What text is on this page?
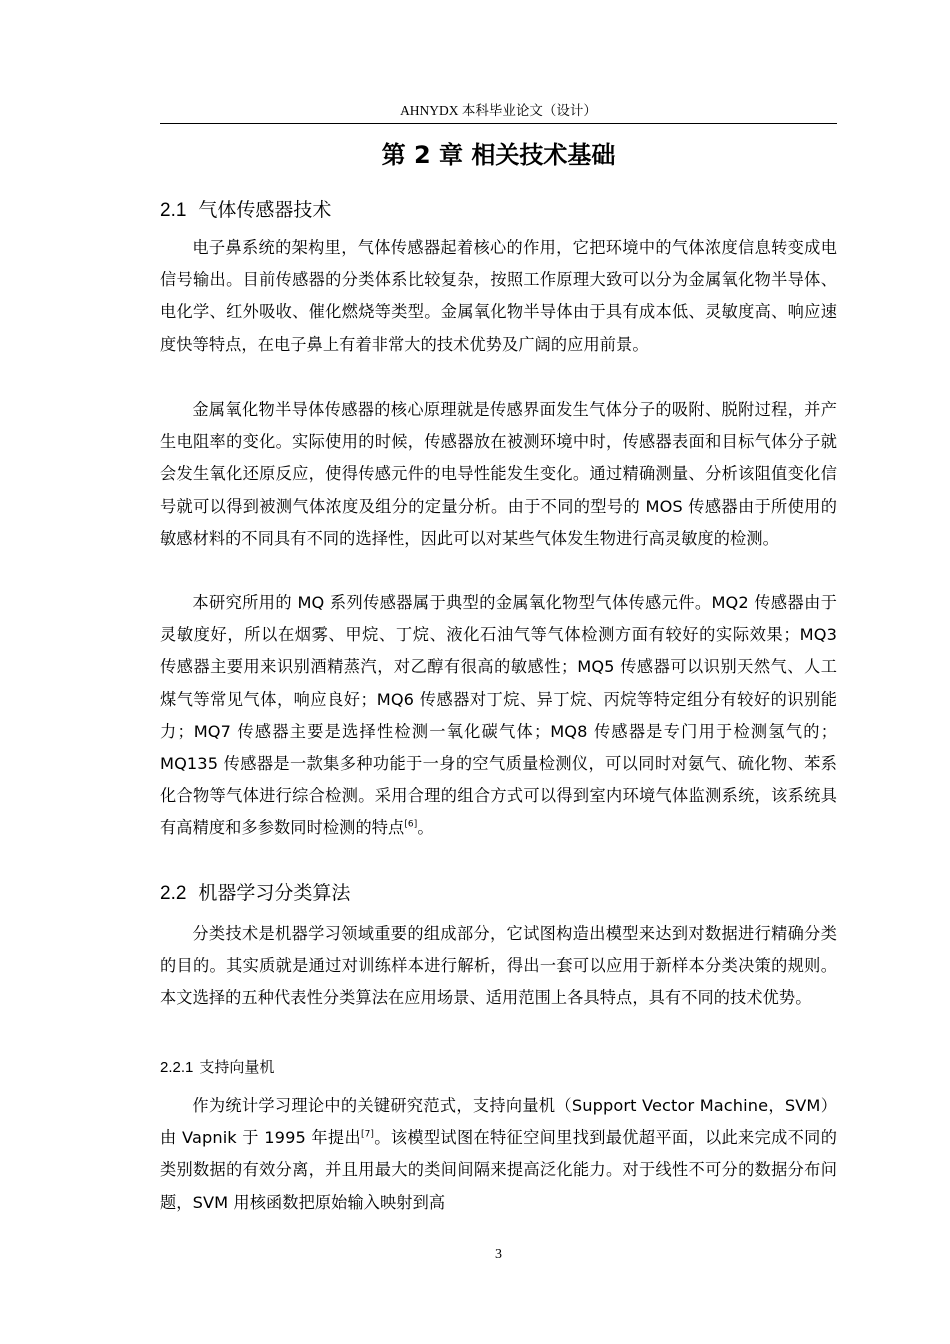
AHNYDX 本科毕业论文（设计）
第 2 章 相关技术基础
2.1 气体传感器技术

电子鼻系统的架构里，气体传感器起着核心的作用，它把环境中的气体浓度信息转变成电信号输出。目前传感器的分类体系比较复杂，按照工作原理大致可以分为金属氧化物半导体、电化学、红外吸收、催化燃烧等类型。金属氧化物半导体由于具有成本低、灵敏度高、响应速度快等特点，在电子鼻上有着非常大的技术优势及广阔的应用前景。

金属氧化物半导体传感器的核心原理就是传感界面发生气体分子的吸附、脱附过程，并产生电阻率的变化。实际使用的时候，传感器放在被测环境中时，传感器表面和目标气体分子就会发生氧化还原反应，使得传感元件的电导性能发生变化。通过精确测量、分析该阻值变化信号就可以得到被测气体浓度及组分的定量分析。由于不同的型号的 MOS 传感器由于所使用的敏感材料的不同具有不同的选择性，因此可以对某些气体发生物进行高灵敏度的检测。

本研究所用的 MQ 系列传感器属于典型的金属氧化物型气体传感元件。MQ2 传感器由于灵敏度好，所以在烟雾、甲烷、丁烷、液化石油气等气体检测方面有较好的实际效果；MQ3 传感器主要用来识别酒精蒸汽，对乙醇有很高的敏感性；MQ5 传感器可以识别天然气、人工煤气等常见气体，响应良好；MQ6 传感器对丁烷、异丁烷、丙烷等特定组分有较好的识别能力；MQ7 传感器主要是选择性检测一氧化碳气体；MQ8 传感器是专门用于检测氢气的；MQ135 传感器是一款集多种功能于一身的空气质量检测仪，可以同时对氨气、硫化物、苯系化合物等气体进行综合检测。采用合理的组合方式可以得到室内环境气体监测系统，该系统具有高精度和多参数同时检测的特点[6]。

2.2 机器学习分类算法

分类技术是机器学习领域重要的组成部分，它试图构造出模型来达到对数据进行精确分类的目的。其实质就是通过对训练样本进行解析，得出一套可以应用于新样本分类决策的规则。本文选择的五种代表性分类算法在应用场景、适用范围上各具特点，具有不同的技术优势。

2.2.1 支持向量机

作为统计学习理论中的关键研究范式，支持向量机（Support Vector Machine，SVM）由 Vapnik 于 1995 年提出[7]。该模型试图在特征空间里找到最优超平面，以此来完成不同的类别数据的有效分离，并且用最大的类间间隔来提高泛化能力。对于线性不可分的数据分布问题，SVM 用核函数把原始输入映射到高

3
